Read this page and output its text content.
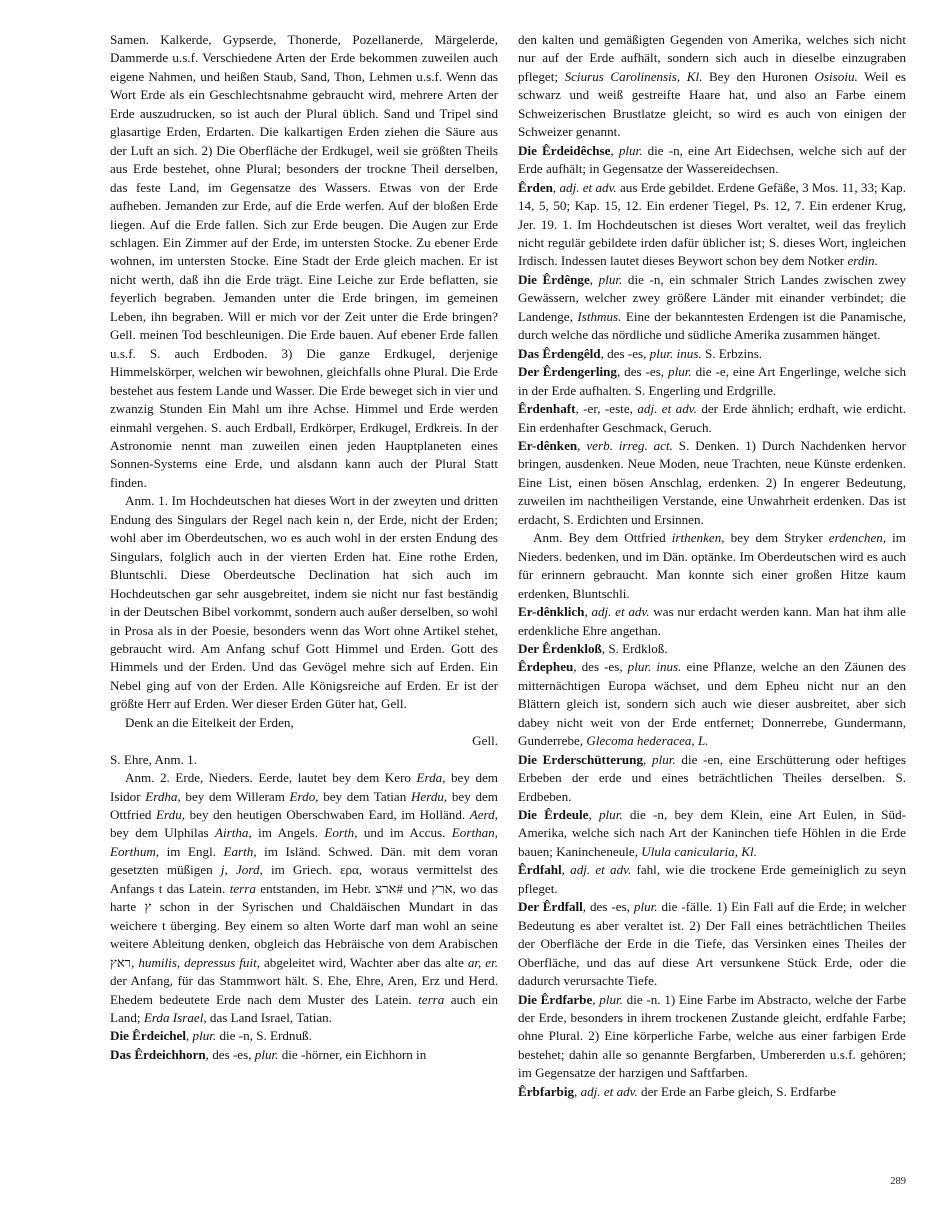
Samen. Kalkerde, Gypserde, Thonerde, Pozellanerde, Märgelerde, Dammerde u.s.f. Verschiedene Arten der Erde bekommen zuweilen auch eigene Nahmen, und heißen Staub, Sand, Thon, Lehmen u.s.f. Wenn das Wort Erde als ein Geschlechtsnahme gebraucht wird, mehrere Arten der Erde auszudrucken, so ist auch der Plural üblich. Sand und Tripel sind glasartige Erden, Erdarten. Die kalkartigen Erden ziehen die Säure aus der Luft an sich. 2) Die Oberfläche der Erdkugel, weil sie größten Theils aus Erde bestehet, ohne Plural; besonders der trockne Theil derselben, das feste Land, im Gegensatze des Wassers. Etwas von der Erde aufheben. Jemanden zur Erde, auf die Erde werfen. Auf der bloßen Erde liegen. Auf die Erde fallen. Sich zur Erde beugen. Die Augen zur Erde schlagen. Ein Zimmer auf der Erde, im untersten Stocke. Zu ebener Erde wohnen, im untersten Stocke. Eine Stadt der Erde gleich machen. Er ist nicht werth, daß ihn die Erde trägt. Eine Leiche zur Erde beflatten, sie feyerlich begraben. Jemanden unter die Erde bringen, im gemeinen Leben, ihn begraben. Will er mich vor der Zeit unter die Erde bringen? Gell. meinen Tod beschleunigen. Die Erde bauen. Auf ebener Erde fallen u.s.f. S. auch Erdboden. 3) Die ganze Erdkugel, derjenige Himmelskörper, welchen wir bewohnen, gleichfalls ohne Plural. Die Erde bestehet aus festem Lande und Wasser. Die Erde beweget sich in vier und zwanzig Stunden Ein Mahl um ihre Achse. Himmel und Erde werden einmahl vergehen. S. auch Erdball, Erdkörper, Erdkugel, Erdkreis. In der Astronomie nennt man zuweilen einen jeden Hauptplaneten eines Sonnen-Systems eine Erde, und alsdann kann auch der Plural Statt finden.

Anm. 1. Im Hochdeutschen hat dieses Wort in der zweyten und dritten Endung des Singulars der Regel nach kein n, der Erde, nicht der Erden; wohl aber im Oberdeutschen, wo es auch wohl in der ersten Endung des Singulars, folglich auch in der vierten Erden hat. Eine rothe Erden, Bluntschli. Diese Oberdeutsche Declination hat sich auch im Hochdeutschen gar sehr ausgebreitet, indem sie nicht nur fast beständig in der Deutschen Bibel vorkommt, sondern auch außer derselben, so wohl in Prosa als in der Poesie, besonders wenn das Wort ohne Artikel stehet, gebraucht wird. Am Anfang schuf Gott Himmel und Erden. Gott des Himmels und der Erden. Und das Gevögel mehre sich auf Erden. Ein Nebel ging auf von der Erden. Alle Königsreiche auf Erden. Er ist der größte Herr auf Erden. Wer dieser Erden Güter hat, Gell.

Denk an die Eitelkeit der Erden,

Gell.

S. Ehre, Anm. 1.

Anm. 2. Erde, Nieders. Eerde, lautet bey dem Kero Erda, bey dem Isidor Erdha, bey dem Willeram Erdo, bey dem Tatian Herdu, bey dem Ottfried Erdu, bey den heutigen Oberschwaben Eard, im Holländ. Aerd, bey dem Ulphilas Airtha, im Angels. Eorth, und im Accus. Eorthan, Eorthum, im Engl. Earth, im Isländ. Schwed. Dän. mit dem voran gesetzten müßigen j, Jord, im Griech. ερα, woraus vermittelst des Anfangs t das Latein. terra entstanden, im Hebr. ארצ# und ארץ, wo das harte ץ schon in der Syrischen und Chaldäischen Mundart in das weichere t überging. Bey einem so alten Worte darf man wohl an seine weitere Ableitung denken, obgleich das Hebräische von dem Arabischen ראץ, humilis, depressus fuit, abgeleitet wird, Wachter aber das alte ar, er. der Anfang, für das Stammwort hält. S. Ehe, Ehre, Aren, Erz und Herd. Ehedem bedeutete Erde nach dem Muster des Latein. terra auch ein Land; Erda Israel, das Land Israel, Tatian.

Die Êrdeichel, plur. die -n, S. Erdnuß.

Das Êrdeichhorn, des -es, plur. die -hörner, ein Eichhorn in

den kalten und gemäßigten Gegenden von Amerika, welches sich nicht nur auf der Erde aufhält, sondern sich auch in dieselbe einzugraben pfleget; Sciurus Carolinensis, Kl. Bey den Huronen Osisoiu. Weil es schwarz und weiß gestreifte Haare hat, und also an Farbe einem Schweizerischen Brustlatze gleicht, so wird es auch von einigen der Schweizer genannt.

Die Êrdeidêchse, plur. die -n, eine Art Eidechsen, welche sich auf der Erde aufhält; in Gegensatze der Wassereidechsen.

Êrden, adj. et adv. aus Erde gebildet. Erdene Gefäße, 3 Mos. 11, 33; Kap. 14, 5, 50; Kap. 15, 12. Ein erdener Tiegel, Ps. 12, 7. Ein erdener Krug, Jer. 19. 1. Im Hochdeutschen ist dieses Wort veraltet, weil das freylich nicht regulär gebildete irden dafür üblicher ist; S. dieses Wort, ingleichen Irdisch. Indessen lautet dieses Beywort schon bey dem Notker erdin.

Die Êrdênge, plur. die -n, ein schmaler Strich Landes zwischen zwey Gewässern, welcher zwey größere Länder mit einander verbindet; die Landenge, Isthmus. Eine der bekanntesten Erdengen ist die Panamische, durch welche das nördliche und südliche Amerika zusammen hänget.

Das Êrdengêld, des -es, plur. inus. S. Erbzins.

Der Êrdengerling, des -es, plur. die -e, eine Art Engerlinge, welche sich in der Erde aufhalten. S. Engerling und Erdgrille.

Êrdenhaft, -er, -este, adj. et adv. der Erde ähnlich; erdhaft, wie erdicht. Ein erdenhafter Geschmack, Geruch.

Er-dênken, verb. irreg. act. S. Denken. 1) Durch Nachdenken hervor bringen, ausdenken. Neue Moden, neue Trachten, neue Künste erdenken. Eine List, einen bösen Anschlag, erdenken. 2) In engerer Bedeutung, zuweilen im nachtheiligen Verstande, eine Unwahrheit erdenken. Das ist erdacht, S. Erdichten und Ersinnen.

Anm. Bey dem Ottfried irthenken, bey dem Stryker erdenchen, im Nieders. bedenken, und im Dän. optänke. Im Oberdeutschen wird es auch für erinnern gebraucht. Man konnte sich einer großen Hitze kaum erdenken, Bluntschli.

Er-dênklich, adj. et adv. was nur erdacht werden kann. Man hat ihm alle erdenkliche Ehre angethan.

Der Êrdenkloß, S. Erdkloß.

Êrdepheu, des -es, plur. inus. eine Pflanze, welche an den Zäunen des mitternächtigen Europa wächset, und dem Epheu nicht nur an den Blättern gleich ist, sondern sich auch wie dieser ausbreitet, aber sich dabey nicht weit von der Erde entfernet; Donnerrebe, Gundermann, Gunderrebe, Glecoma hederacea, L.

Die Erderschütterung, plur. die -en, eine Erschütterung oder heftiges Erbeben der erde und eines beträchtlichen Theiles derselben. S. Erdbeben.

Die Êrdeule, plur. die -n, bey dem Klein, eine Art Eulen, in Süd-Amerika, welche sich nach Art der Kaninchen tiefe Höhlen in die Erde bauen; Kanincheneule, Ulula canicularia, Kl.

Êrdfahl, adj. et adv. fahl, wie die trockene Erde gemeiniglich zu seyn pfleget.

Der Êrdfall, des -es, plur. die -fälle. 1) Ein Fall auf die Erde; in welcher Bedeutung es aber veraltet ist. 2) Der Fall eines beträchtlichen Theiles der Oberfläche der Erde in die Tiefe, das Versinken eines Theiles der Oberfläche, und das auf diese Art versunkene Stück Erde, oder die dadurch verursachte Tiefe.

Die Êrdfarbe, plur. die -n. 1) Eine Farbe im Abstracto, welche der Farbe der Erde, besonders in ihrem trockenen Zustande gleicht, erdfahle Farbe; ohne Plural. 2) Eine körperliche Farbe, welche aus einer farbigen Erde bestehet; dahin alle so genannte Bergfarben, Umbererden u.s.f. gehören; im Gegensatze der harzigen und Saftfarben.

Êrbfarbig, adj. et adv. der Erde an Farbe gleich, S. Erdfarbe

289
